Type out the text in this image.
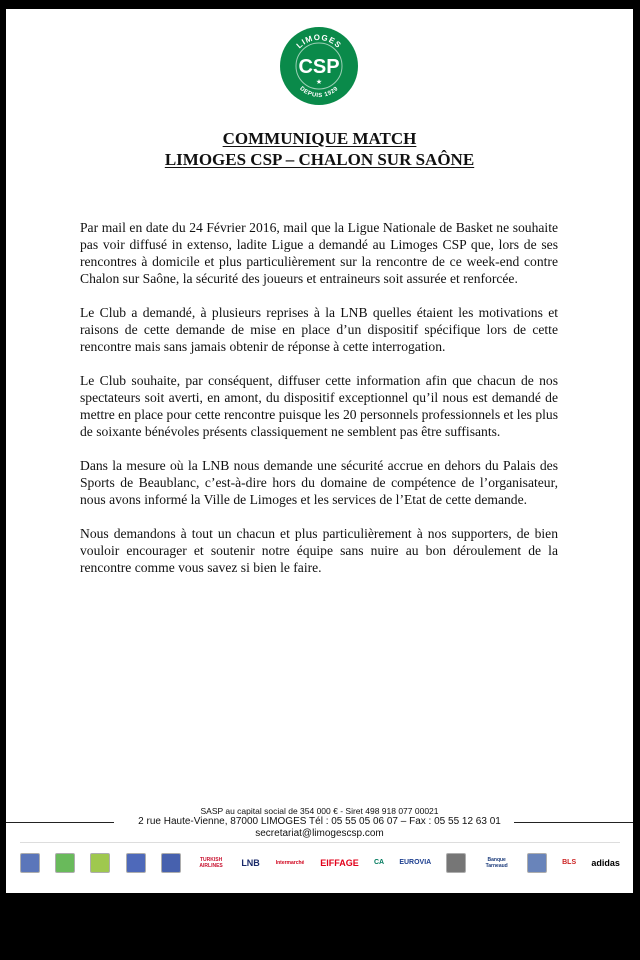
LIMOGES
CSP
★
DEPUIS 1929
COMMUNIQUE MATCH
LIMOGES CSP – CHALON SUR SAÔNE

Par mail en date du 24 Février 2016, mail que la Ligue Nationale de Basket ne souhaite pas voir diffusé in extenso, ladite Ligue a demandé au Limoges CSP que, lors de ses rencontres à domicile et plus particulièrement sur la rencontre de ce week-end contre Chalon sur Saône, la sécurité des joueurs et entraineurs soit assurée et renforcée.

Le Club a demandé, à plusieurs reprises à la LNB quelles étaient les motivations et raisons de cette demande de mise en place d’un dispositif spécifique lors de cette rencontre mais sans jamais obtenir de réponse à cette interrogation.

Le Club souhaite, par conséquent, diffuser cette information afin que chacun de nos spectateurs soit averti, en amont, du dispositif exceptionnel qu’il nous est demandé de mettre en place pour cette rencontre puisque les 20 personnels professionnels et les plus de soixante bénévoles présents classiquement ne semblent pas être suffisants.

Dans la mesure où la LNB nous demande une sécurité accrue en dehors du Palais des Sports de Beaublanc, c’est-à-dire hors du domaine de compétence de l’organisateur, nous avons informé la Ville de Limoges et les services de l’Etat de cette demande.

Nous demandons à tout un chacun et plus particulièrement à nos supporters, de bien vouloir encourager et soutenir notre équipe sans nuire au bon déroulement de la rencontre comme vous savez si bien le faire.

SASP au capital social de 354 000 € - Siret 498 918 077 00021
2 rue Haute-Vienne, 87000 LIMOGES Tél : 05 55 05 06 07 – Fax : 05 55 12 63 01
secretariat@limogescsp.com
TURKISH AIRLINES	LNB	Intermarché EIFFAGE CA EUROVIA	Banque Tarneaud	BLS adidas
